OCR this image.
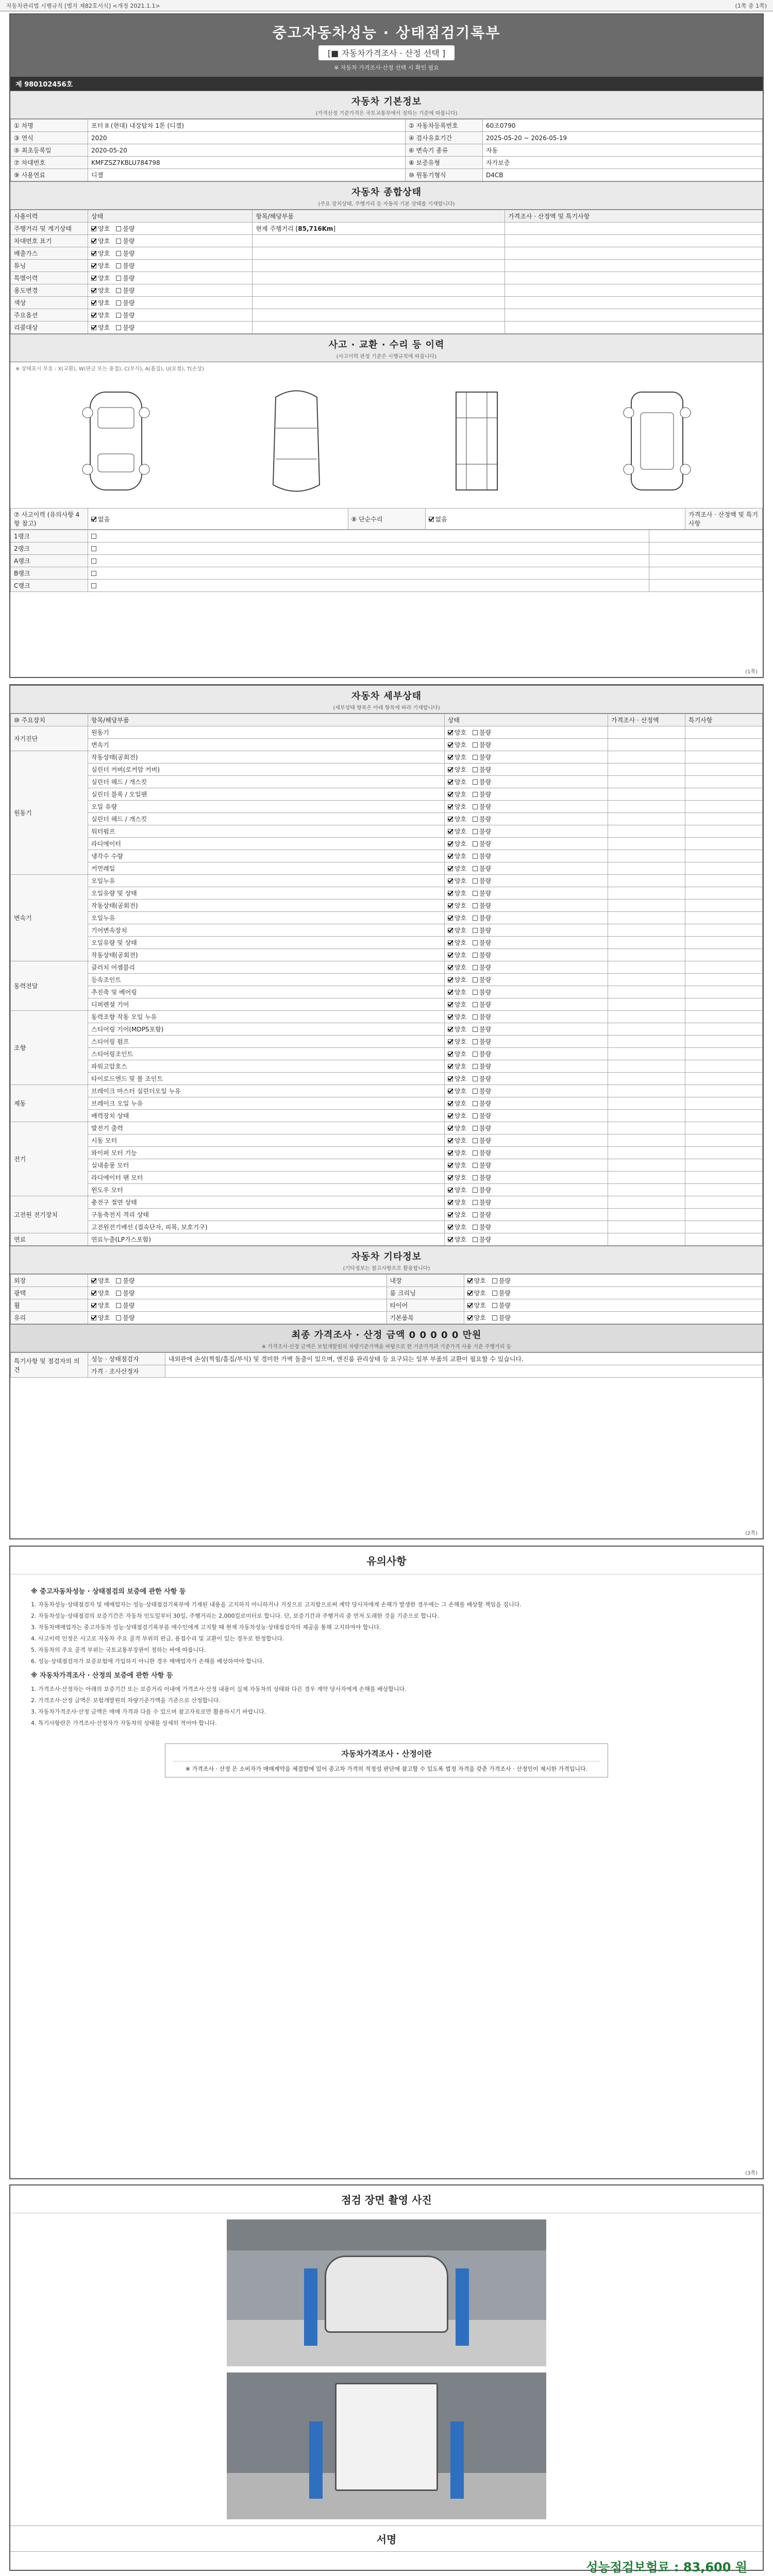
자동차관리법 시행규칙 [별지 제82호서식] <개정 2021.1.1>	(1쪽 중 1쪽)
중고자동차성능 · 상태점검기록부
[■ 자동차가격조사 · 산정 선택 ]
※ 자동차 가격조사·산정 선택 시 확인 필요
제 980102456호
자동차 기본정보
(가격산정 기준가격은 국토교통부에서 정하는 기준에 따릅니다)
① 차명	포터 II (현대) 내장탑차 1톤 (디젤)	② 자동차등록번호	60조0790
③ 연식	2020	④ 검사유효기간	2025-05-20 ~ 2026-05-19
⑤ 최초등록일	2020-05-20	⑥ 변속기 종류	자동
⑦ 차대번호	KMFZSZ7KBLU784798	⑧ 보증유형	자가보증
⑨ 사용연료	디젤	⑩ 원동기형식	D4CB
자동차 종합상태
(주요 장치상태, 주행거리 등 자동차 기본 상태를 기재합니다)
사용이력	상태	항목/해당부품	가격조사 · 산정액 및 특기사항
주행거리 및 계기상태	양호 불량	현재 주행거리 [85,716Km]	
차대번호 표기	양호 불량		
배출가스	양호 불량		
튜닝	양호 불량		
특별이력	양호 불량		
용도변경	양호 불량		
색상	양호 불량		
주요옵션	양호 불량		
리콜대상	양호 불량		
사고 · 교환 · 수리 등 이력
(사고이력 판정 기준은 시행규칙에 따릅니다)
※ 상태표시 부호 : X(교환), W(판금 또는 용접), C(부식), A(흠집), U(요철), T(손상)
⑦ 사고이력 (유의사항 4항 참고)	없음	⑧ 단순수리	없음	가격조사 · 산정액 및 특기사항
1랭크		
2랭크		
A랭크		
B랭크		
C랭크		
(1쪽)
자동차 세부상태
(세부상태 항목은 아래 항목에 따라 기재합니다)
⑩ 주요장치	항목/해당부품	상태	가격조사 · 산정액	특기사항
자기진단	원동기	양호 불량		
	변속기	양호 불량		
원동기	작동상태(공회전)	양호 불량		
	실린더 커버(로커암 커버)	양호 불량		
	실린더 헤드 / 개스킷	양호 불량		
	실린더 블록 / 오일팬	양호 불량		
	오일 유량	양호 불량		
	실린더 헤드 / 개스킷	양호 불량		
	워터펌프	양호 불량		
	라디에이터	양호 불량		
	냉각수 수량	양호 불량		
	커먼레일	양호 불량		
변속기	오일누유	양호 불량		
	오일유량 및 상태	양호 불량		
	작동상태(공회전)	양호 불량		
	오일누유	양호 불량		
	기어변속장치	양호 불량		
	오일유량 및 상태	양호 불량		
	작동상태(공회전)	양호 불량		
동력전달	클러치 어셈블리	양호 불량		
	등속조인트	양호 불량		
	추진축 및 베어링	양호 불량		
	디퍼렌셜 기어	양호 불량		
조향	동력조향 작동 오일 누유	양호 불량		
	스티어링 기어(MDPS포함)	양호 불량		
	스티어링 펌프	양호 불량		
	스티어링조인트	양호 불량		
	파워고압호스	양호 불량		
	타이로드엔드 및 볼 조인트	양호 불량		
제동	브레이크 마스터 실린더오일 누유	양호 불량		
	브레이크 오일 누유	양호 불량		
	배력장치 상태	양호 불량		
전기	발전기 출력	양호 불량		
	시동 모터	양호 불량		
	와이퍼 모터 기능	양호 불량		
	실내송풍 모터	양호 불량		
	라디에이터 팬 모터	양호 불량		
	윈도우 모터	양호 불량		
고전원 전기장치	충전구 절연 상태	양호 불량		
	구동축전지 격리 상태	양호 불량		
	고전원전기배선 (접속단자, 피복, 보호기구)	양호 불량		
연료	연료누출(LP가스포함)	양호 불량		
자동차 기타정보
(기타정보는 참고사항으로 활용합니다)
외장	양호 불량	내장	양호 불량
광택	양호 불량	룸 크리닝	양호 불량
휠	양호 불량	타이어	양호 불량
유리	양호 불량	기본품목	양호 불량
최종 가격조사 · 산정 금액 0 0 0 0 0 만원
※ 가격조사·산정 금액은 보험개발원의 차량기준가액을 바탕으로 한 기준가격과 기준가격 사용 기준 주행거리 등
특기사항 및 점검자의 의견	성능 · 상태점검자	내외관에 손상(찍힘/흠집/부식) 및 경미한 가벽 돌출이 있으며, 엔진룸 관리상태 등 요구되는 일부 부품의 교환이 필요할 수 있습니다.
	가격 · 조사산정자	
(2쪽)
유의사항
※ 중고자동차성능 · 상태점검의 보증에 관한 사항 등

1. 자동차성능·상태점검자 및 매매업자는 성능·상태점검기록부에 기재된 내용을 고지하지 아니하거나 거짓으로 고지함으로써 계약 당사자에게 손해가 발생한 경우에는 그 손해를 배상할 책임을 집니다.

2. 자동차성능·상태점검의 보증기간은 자동차 인도일부터 30일, 주행거리는 2,000킬로미터로 합니다. 단, 보증기간과 주행거리 중 먼저 도래한 것을 기준으로 합니다.

3. 자동차매매업자는 중고자동차 성능·상태점검기록부를 매수인에게 고지할 때 현재 자동차성능·상태점검자의 제공을 통해 고지하여야 합니다.

4. 사고이력 인정은 사고로 자동차 주요 골격 부위의 판금, 용접수리 및 교환이 있는 경우로 한정합니다.

5. 자동차의 주요 골격 부위는 국토교통부장관이 정하는 바에 따릅니다.

6. 성능·상태점검자가 보증보험에 가입하지 아니한 경우 매매업자가 손해를 배상하여야 합니다.

※ 자동차가격조사 · 산정의 보증에 관한 사항 등

1. 가격조사·산정자는 아래의 보증기간 또는 보증거리 이내에 가격조사·산정 내용이 실제 자동차의 상태와 다른 경우 계약 당사자에게 손해를 배상합니다.

2. 가격조사·산정 금액은 보험개발원의 차량기준가액을 기준으로 산정합니다.

3. 자동차가격조사·산정 금액은 매매 가격과 다를 수 있으며 참고자료로만 활용하시기 바랍니다.

4. 특기사항란은 가격조사·산정자가 자동차의 상태를 상세히 적어야 합니다.

자동차가격조사 · 산정이란
※ 가격조사 · 산정 은 소비자가 매매계약을 체결함에 있어 중고차 가격의 적정성 판단에 참고할 수 있도록 법정 자격을 갖춘 가격조사 · 산정인이 제시한 가격입니다.
(3쪽)
점검 장면 촬영 사진
서명
성능점검보험료 : 83,600 원
